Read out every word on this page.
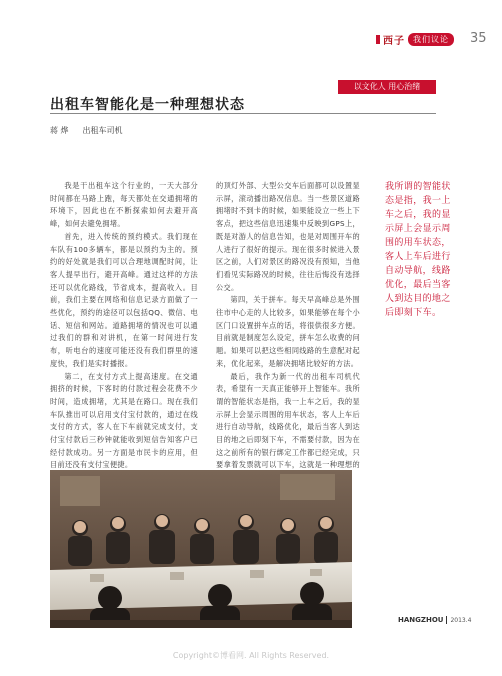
西子	我们议论	35
以文化人 用心治绪
出租车智能化是一种理想状态
蒋 烨 出租车司机

我是干出租车这个行业的，一天大部分时间都在马路上跑，每天都处在交通拥堵的环境下，因此也在不断探索如何去避开高峰，如何去避免拥堵。

首先，进入传统的预约模式。我们现在车队有100多辆车，都是以预约为主的。预约的好处就是我们可以合理地调配时间，让客人提早出行，避开高峰。通过这样的方法还可以优化路线，节省成本，提高收入。目前，我们主要在网络和信息记录方面做了一些优化，预约的途径可以包括QQ、微信、电话、短信和网站。道路拥堵的情况也可以通过我们的群和对讲机，在第一时间进行发布，听电台的速度可能还没有我们群里的速度快，我们是实时播报。

第二，在支付方式上提高速度。在交通拥挤的时候，下客时的付款过程会花费不少时间，造成拥堵，尤其是在路口。现在我们车队推出可以启用支付宝付款的，通过在线支付的方式，客人在下车前就完成支付，支付宝付款后三秒钟就能收到短信告知客户已经付款成功。另一方面是市民卡的应用，但目前还没有支付宝便捷。

的顶灯外部、大型公交车后面都可以设置显示屏，滚动播出路况信息。当一些景区道路拥堵时不到卡的时候，如果能设立一些上下客点，把这些信息迅速集中反映到GPS上，既是对游人的信息告知，也是对周围开车的人进行了很好的提示。现在很多时候进入景区之前，人们对景区的路况没有预知，当他们看见实际路况的时候，往往后悔没有选择公交。

第四，关于拼车。每天早高峰总是外围往市中心走的人比较多，如果能够在每个小区门口设置拼车点的话，将很供很多方便。目前就是制度怎么设定，拼车怎么收费的问题。如果可以把这些相同线路的生意配对起来，优化起来，是解决拥堵比较好的方法。

最后，我作为新一代的出租车司机代表，希望有一天真正能够开上智能车。我所谓的智能状态是指，我一上车之后，我的显示屏上会显示周围的用车状态，客人上车后进行自动导航，线路优化，最后当客人到达目的地之后即刻下车，不需要付款，因为在这之前所有的银行绑定工作都已经完成，只要拿着发票就可以下车，这就是一种理想的

我所谓的智能状态是指，我一上车之后，我的显示屏上会显示周围的用车状态，客人上车后进行自动导航，线路优化，最后当客人到达目的地之后即刻下车。
HANGZHOU 2013.4
Copyright©博看网. All Rights Reserved.
